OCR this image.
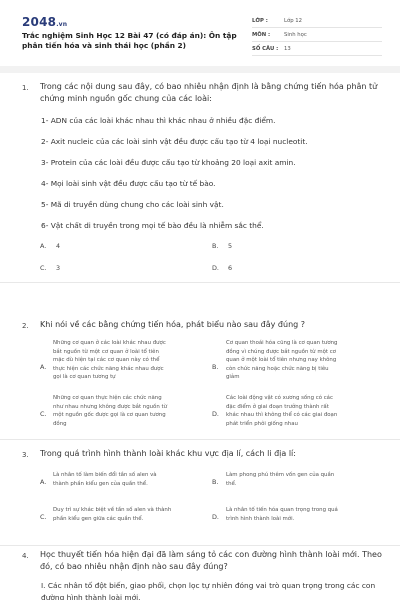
2048.vn
Trắc nghiệm Sinh Học 12 Bài 47 (có đáp án): Ôn tập phân tiến hóa và sinh thái học (phần 2)
LỚP :	Lớp 12
MÔN :	Sinh học
SỐ CÂU : 13
1. Trong các nội dung sau đây, có bao nhiêu nhận định là bằng chứng tiến hóa phân tử chứng minh nguồn gốc chung của các loài:
1- ADN của các loài khác nhau thì khác nhau ở nhiều đặc điểm.
2- Axit nucleic của các loài sinh vật đều được cấu tạo từ 4 loại nucleotit.
3- Protein của các loài đều được cấu tạo từ khoảng 20 loại axit amin.
4- Mọi loài sinh vật đều được cấu tạo từ tế bào.
5- Mã di truyền dùng chung cho các loài sinh vật.
6- Vật chất di truyền trong mọi tế bào đều là nhiễm sắc thể.
A. 4	B. 5
C. 3	D. 6
2. Khi nói về các bằng chứng tiến hóa, phát biểu nào sau đây đúng ?
A.
Những cơ quan ở các loài khác nhau được
bắt nguồn từ một cơ quan ở loài tổ tiên
mặc dù hiện tại các cơ quan này có thể
thực hiện các chức năng khác nhau được
gọi là cơ quan tương tự
B.
Cơ quan thoái hóa cũng là cơ quan tương
đồng vì chúng được bắt nguồn từ một cơ
quan ở một loài tổ tiên nhưng nay không
còn chức năng hoặc chức năng bị tiêu
giảm
C.
Những cơ quan thực hiện các chức năng
như nhau nhưng không được bắt nguồn từ
một nguồn gốc được gọi là cơ quan tương
đồng
D.
Các loài động vật có xương sống có các
đặc điểm ở giai đoạn trưởng thành rất
khác nhau thì không thể có các giai đoạn
phát triển phôi giống nhau
3. Trong quá trình hình thành loài khác khu vực địa lí, cách li địa lí:
A.
Là nhân tố làm biến đổi tần số alen và
thành phần kiểu gen của quần thể.	B.
Làm phong phú thêm vốn gen của quần
thể.
C.
Duy trì sự khác biệt về tần số alen và thành
phần kiểu gen giữa các quần thể.	D.
Là nhân tố tiến hóa quan trọng trong quá
trình hình thành loài mới.
4. Học thuyết tiến hóa hiện đại đã làm sáng tỏ các con đường hình thành loài mới. Theo đó, có bao nhiêu nhận định nào sau đây đúng?
I. Các nhân tố đột biến, giao phối, chọn lọc tự nhiên đóng vai trò quan trọng trong các con đường hình thành loài mới.
